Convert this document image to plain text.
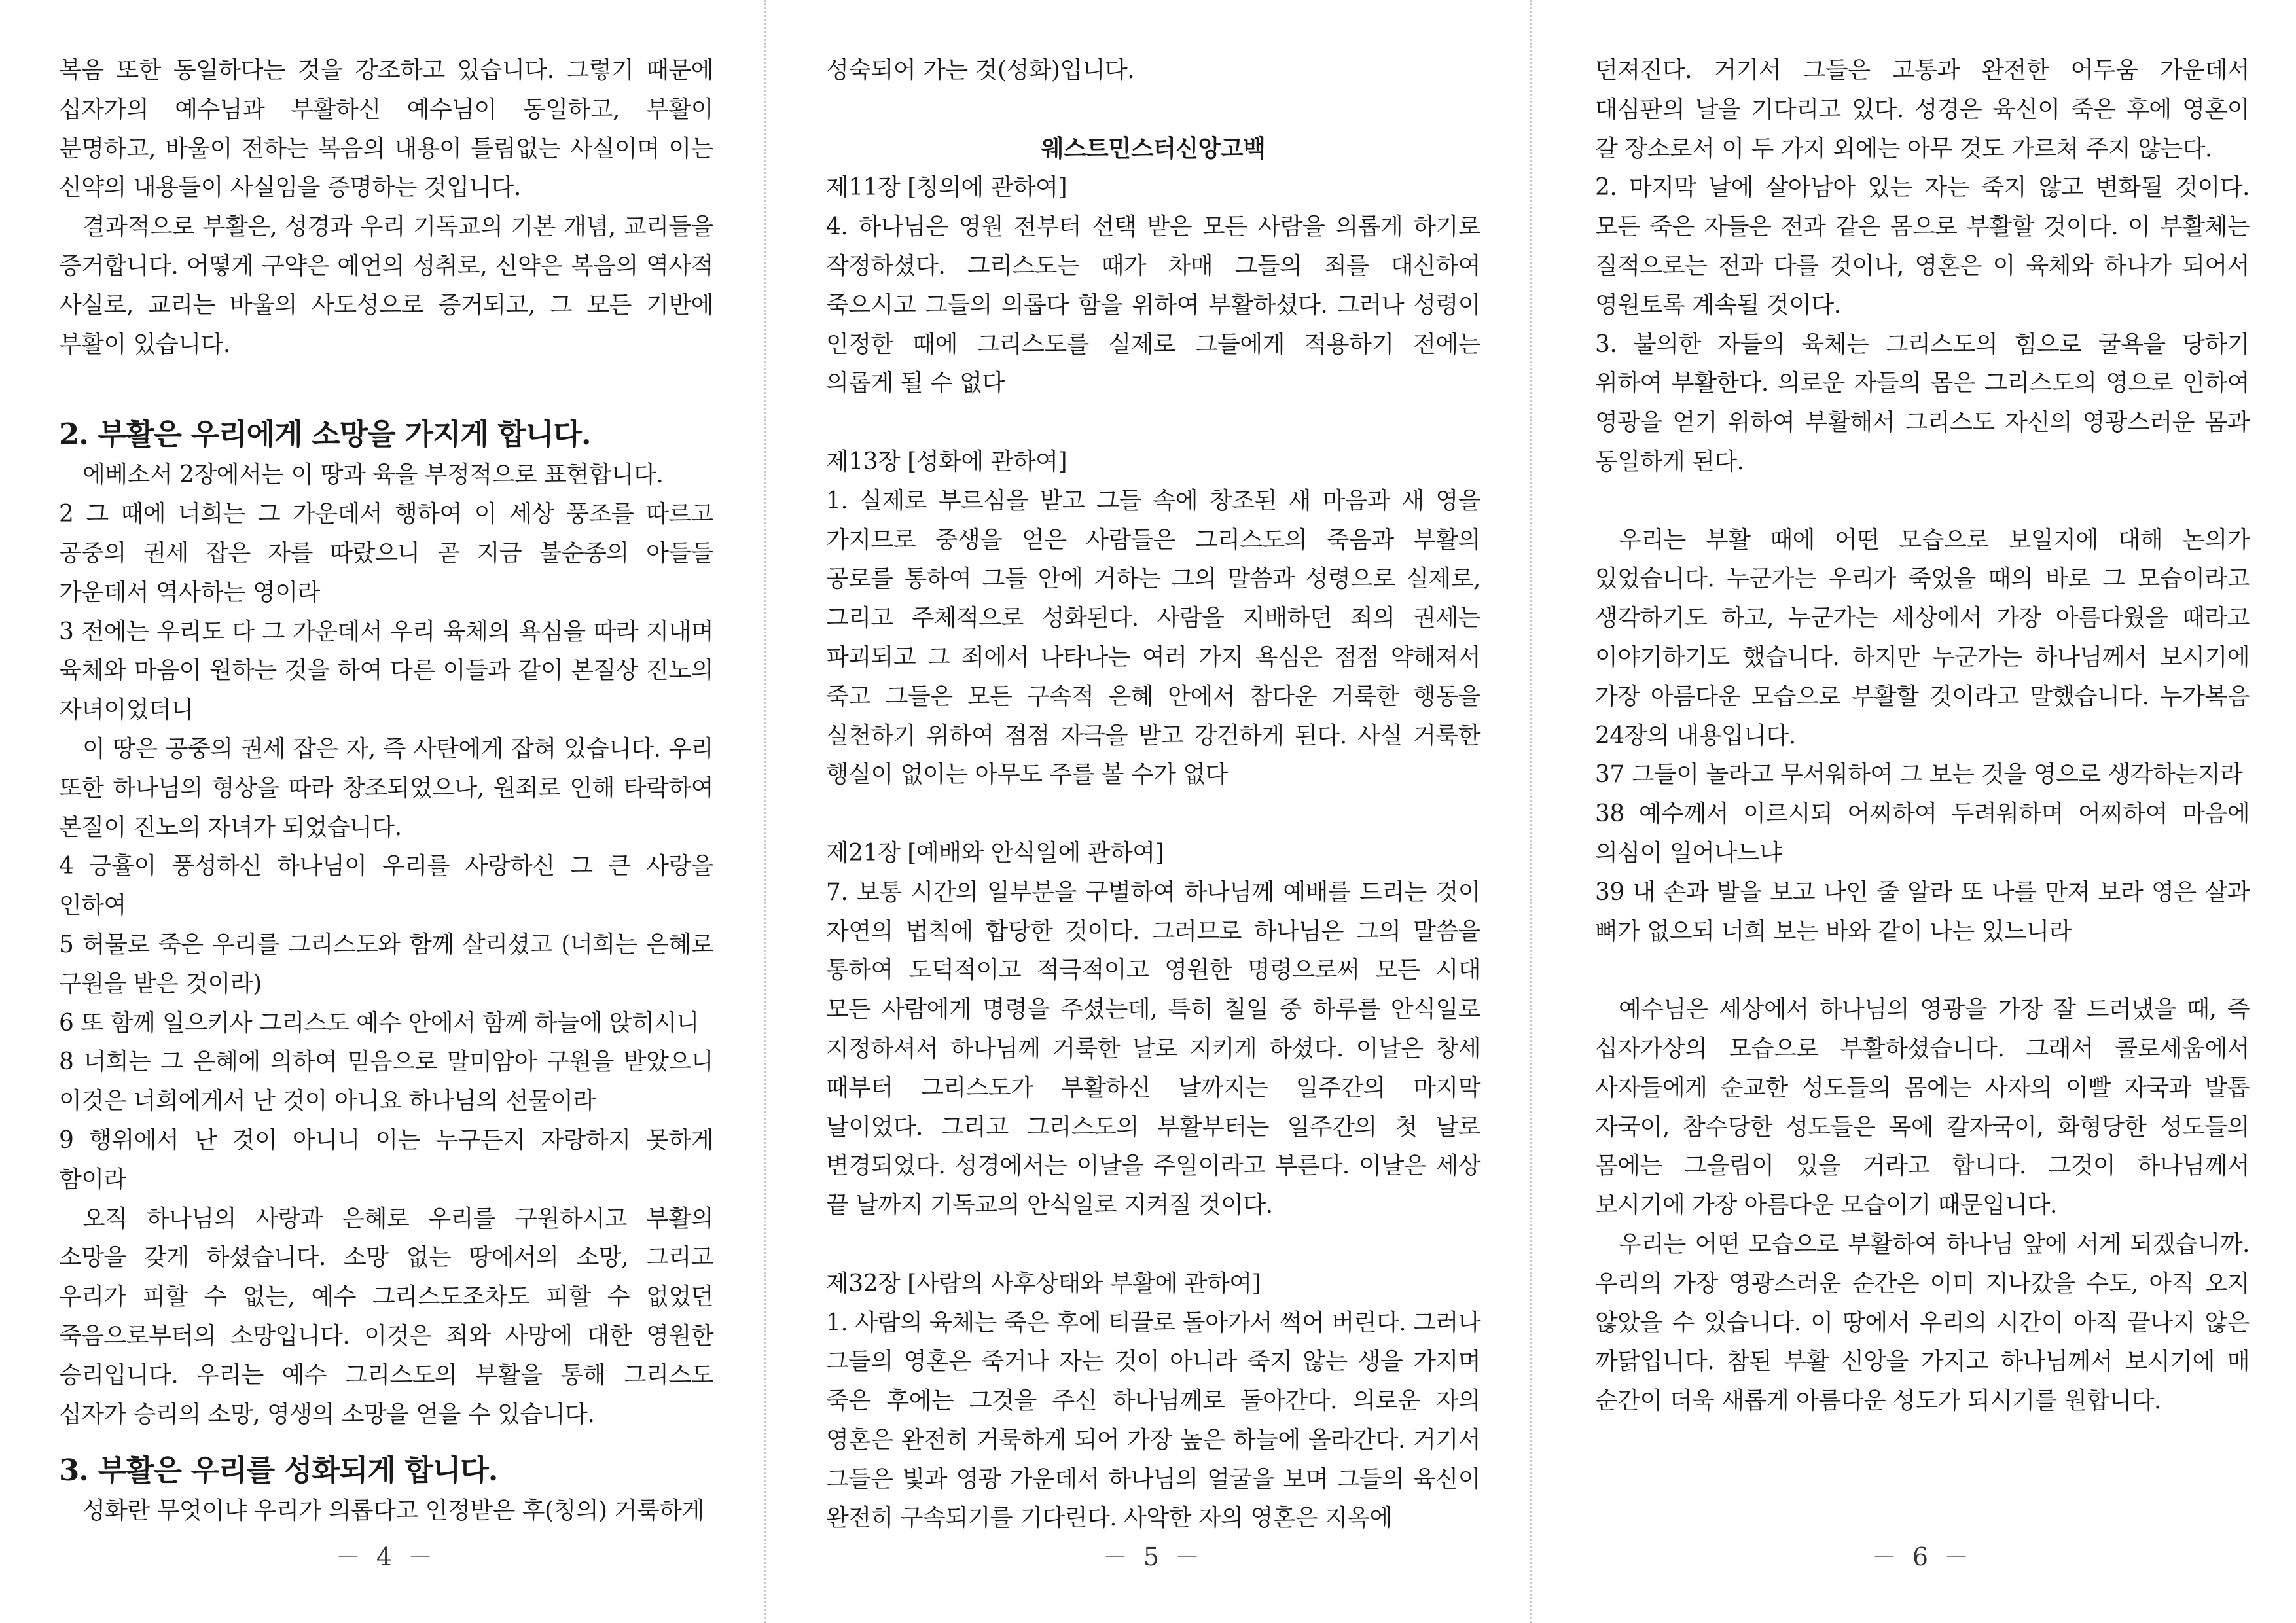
복음 또한 동일하다는 것을 강조하고 있습니다. 그렇기 때문에 십자가의 예수님과 부활하신 예수님이 동일하고, 부활이 분명하고, 바울이 전하는 복음의 내용이 틀림없는 사실이며 이는 신약의 내용들이 사실임을 증명하는 것입니다.

결과적으로 부활은, 성경과 우리 기독교의 기본 개념, 교리들을 증거합니다. 어떻게 구약은 예언의 성취로, 신약은 복음의 역사적 사실로, 교리는 바울의 사도성으로 증거되고, 그 모든 기반에 부활이 있습니다.

2. 부활은 우리에게 소망을 가지게 합니다.

에베소서 2장에서는 이 땅과 육을 부정적으로 표현합니다.

2 그 때에 너희는 그 가운데서 행하여 이 세상 풍조를 따르고 공중의 권세 잡은 자를 따랐으니 곧 지금 불순종의 아들들 가운데서 역사하는 영이라

3 전에는 우리도 다 그 가운데서 우리 육체의 욕심을 따라 지내며 육체와 마음이 원하는 것을 하여 다른 이들과 같이 본질상 진노의 자녀이었더니

이 땅은 공중의 권세 잡은 자, 즉 사탄에게 잡혀 있습니다. 우리 또한 하나님의 형상을 따라 창조되었으나, 원죄로 인해 타락하여 본질이 진노의 자녀가 되었습니다.

4 긍휼이 풍성하신 하나님이 우리를 사랑하신 그 큰 사랑을 인하여

5 허물로 죽은 우리를 그리스도와 함께 살리셨고 (너희는 은혜로 구원을 받은 것이라)

6 또 함께 일으키사 그리스도 예수 안에서 함께 하늘에 앉히시니

8 너희는 그 은혜에 의하여 믿음으로 말미암아 구원을 받았으니 이것은 너희에게서 난 것이 아니요 하나님의 선물이라

9 행위에서 난 것이 아니니 이는 누구든지 자랑하지 못하게 함이라

오직 하나님의 사랑과 은혜로 우리를 구원하시고 부활의 소망을 갖게 하셨습니다. 소망 없는 땅에서의 소망, 그리고 우리가 피할 수 없는, 예수 그리스도조차도 피할 수 없었던 죽음으로부터의 소망입니다. 이것은 죄와 사망에 대한 영원한 승리입니다. 우리는 예수 그리스도의 부활을 통해 그리스도 십자가 승리의 소망, 영생의 소망을 얻을 수 있습니다.

3. 부활은 우리를 성화되게 합니다.

성화란 무엇이냐 우리가 의롭다고 인정받은 후(칭의) 거룩하게

－ 4 －

성숙되어 가는 것(성화)입니다.

웨스트민스터신앙고백

제11장 [칭의에 관하여]

4. 하나님은 영원 전부터 선택 받은 모든 사람을 의롭게 하기로 작정하셨다. 그리스도는 때가 차매 그들의 죄를 대신하여 죽으시고 그들의 의롭다 함을 위하여 부활하셨다. 그러나 성령이 인정한 때에 그리스도를 실제로 그들에게 적용하기 전에는 의롭게 될 수 없다

제13장 [성화에 관하여]

1. 실제로 부르심을 받고 그들 속에 창조된 새 마음과 새 영을 가지므로 중생을 얻은 사람들은 그리스도의 죽음과 부활의 공로를 통하여 그들 안에 거하는 그의 말씀과 성령으로 실제로, 그리고 주체적으로 성화된다. 사람을 지배하던 죄의 권세는 파괴되고 그 죄에서 나타나는 여러 가지 욕심은 점점 약해져서 죽고 그들은 모든 구속적 은혜 안에서 참다운 거룩한 행동을 실천하기 위하여 점점 자극을 받고 강건하게 된다. 사실 거룩한 행실이 없이는 아무도 주를 볼 수가 없다

제21장 [예배와 안식일에 관하여]

7. 보통 시간의 일부분을 구별하여 하나님께 예배를 드리는 것이 자연의 법칙에 합당한 것이다. 그러므로 하나님은 그의 말씀을 통하여 도덕적이고 적극적이고 영원한 명령으로써 모든 시대 모든 사람에게 명령을 주셨는데, 특히 칠일 중 하루를 안식일로 지정하셔서 하나님께 거룩한 날로 지키게 하셨다. 이날은 창세 때부터 그리스도가 부활하신 날까지는 일주간의 마지막 날이었다. 그리고 그리스도의 부활부터는 일주간의 첫 날로 변경되었다. 성경에서는 이날을 주일이라고 부른다. 이날은 세상 끝 날까지 기독교의 안식일로 지켜질 것이다.

제32장 [사람의 사후상태와 부활에 관하여]

1. 사람의 육체는 죽은 후에 티끌로 돌아가서 썩어 버린다. 그러나 그들의 영혼은 죽거나 자는 것이 아니라 죽지 않는 생을 가지며 죽은 후에는 그것을 주신 하나님께로 돌아간다. 의로운 자의 영혼은 완전히 거룩하게 되어 가장 높은 하늘에 올라간다. 거기서 그들은 빛과 영광 가운데서 하나님의 얼굴을 보며 그들의 육신이 완전히 구속되기를 기다린다. 사악한 자의 영혼은 지옥에

－ 5 －

던져진다. 거기서 그들은 고통과 완전한 어두움 가운데서 대심판의 날을 기다리고 있다. 성경은 육신이 죽은 후에 영혼이 갈 장소로서 이 두 가지 외에는 아무 것도 가르쳐 주지 않는다.

2. 마지막 날에 살아남아 있는 자는 죽지 않고 변화될 것이다. 모든 죽은 자들은 전과 같은 몸으로 부활할 것이다. 이 부활체는 질적으로는 전과 다를 것이나, 영혼은 이 육체와 하나가 되어서 영원토록 계속될 것이다.

3. 불의한 자들의 육체는 그리스도의 힘으로 굴욕을 당하기 위하여 부활한다. 의로운 자들의 몸은 그리스도의 영으로 인하여 영광을 얻기 위하여 부활해서 그리스도 자신의 영광스러운 몸과 동일하게 된다.

우리는 부활 때에 어떤 모습으로 보일지에 대해 논의가 있었습니다. 누군가는 우리가 죽었을 때의 바로 그 모습이라고 생각하기도 하고, 누군가는 세상에서 가장 아름다웠을 때라고 이야기하기도 했습니다. 하지만 누군가는 하나님께서 보시기에 가장 아름다운 모습으로 부활할 것이라고 말했습니다. 누가복음 24장의 내용입니다.

37 그들이 놀라고 무서워하여 그 보는 것을 영으로 생각하는지라

38 예수께서 이르시되 어찌하여 두려워하며 어찌하여 마음에 의심이 일어나느냐

39 내 손과 발을 보고 나인 줄 알라 또 나를 만져 보라 영은 살과 뼈가 없으되 너희 보는 바와 같이 나는 있느니라

예수님은 세상에서 하나님의 영광을 가장 잘 드러냈을 때, 즉 십자가상의 모습으로 부활하셨습니다. 그래서 콜로세움에서 사자들에게 순교한 성도들의 몸에는 사자의 이빨 자국과 발톱 자국이, 참수당한 성도들은 목에 칼자국이, 화형당한 성도들의 몸에는 그을림이 있을 거라고 합니다. 그것이 하나님께서 보시기에 가장 아름다운 모습이기 때문입니다.

우리는 어떤 모습으로 부활하여 하나님 앞에 서게 되겠습니까. 우리의 가장 영광스러운 순간은 이미 지나갔을 수도, 아직 오지 않았을 수 있습니다. 이 땅에서 우리의 시간이 아직 끝나지 않은 까닭입니다. 참된 부활 신앙을 가지고 하나님께서 보시기에 매 순간이 더욱 새롭게 아름다운 성도가 되시기를 원합니다.

－ 6 －
